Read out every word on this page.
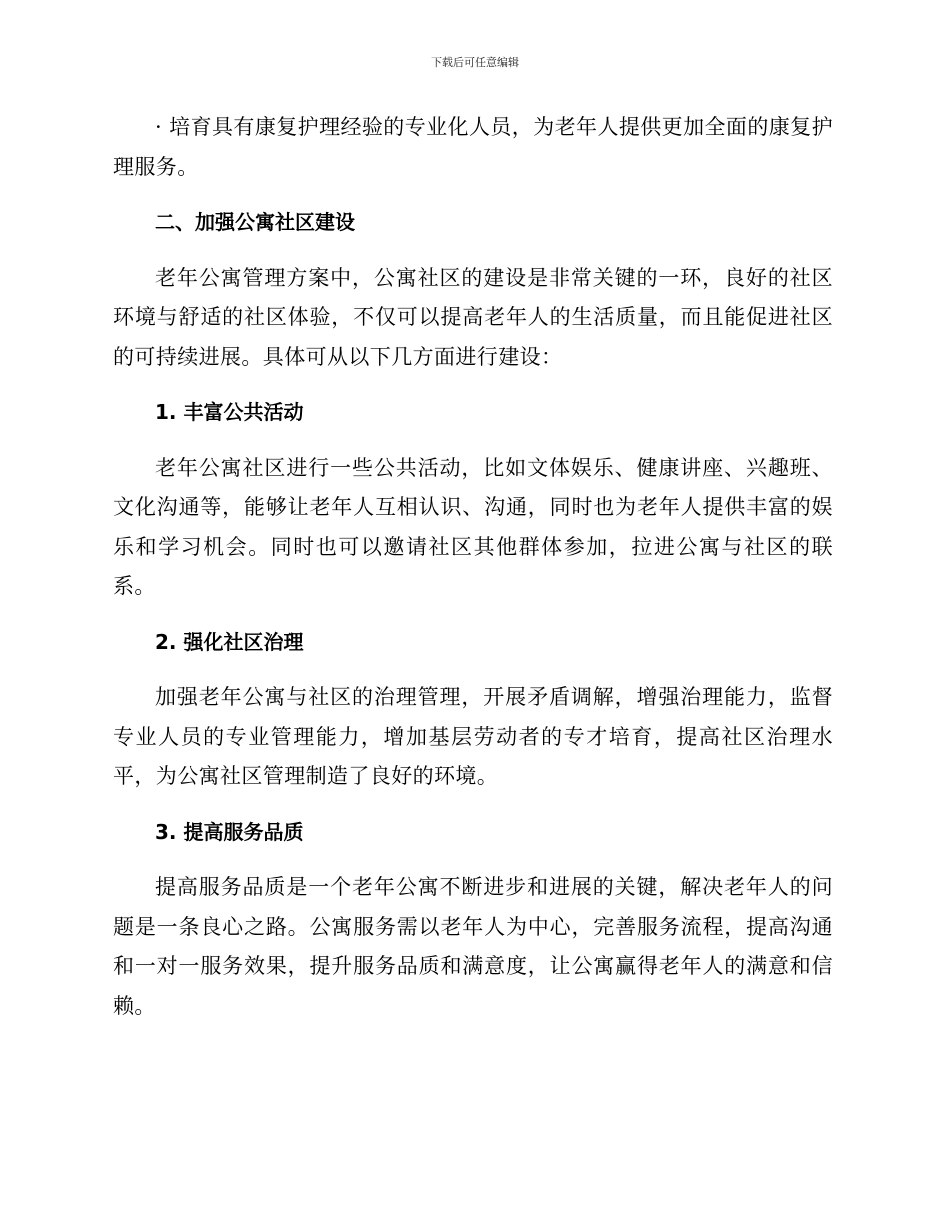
下载后可任意编辑

· 培育具有康复护理经验的专业化人员，为老年人提供更加全面的康复护理服务。

二、加强公寓社区建设

老年公寓管理方案中，公寓社区的建设是非常关键的一环，良好的社区环境与舒适的社区体验，不仅可以提高老年人的生活质量，而且能促进社区的可持续进展。具体可从以下几方面进行建设：

1. 丰富公共活动

老年公寓社区进行一些公共活动，比如文体娱乐、健康讲座、兴趣班、文化沟通等，能够让老年人互相认识、沟通，同时也为老年人提供丰富的娱乐和学习机会。同时也可以邀请社区其他群体参加，拉进公寓与社区的联系。

2. 强化社区治理

加强老年公寓与社区的治理管理，开展矛盾调解，增强治理能力，监督专业人员的专业管理能力，增加基层劳动者的专才培育，提高社区治理水平，为公寓社区管理制造了良好的环境。

3. 提高服务品质

提高服务品质是一个老年公寓不断进步和进展的关键，解决老年人的问题是一条良心之路。公寓服务需以老年人为中心，完善服务流程，提高沟通和一对一服务效果，提升服务品质和满意度，让公寓赢得老年人的满意和信赖。
